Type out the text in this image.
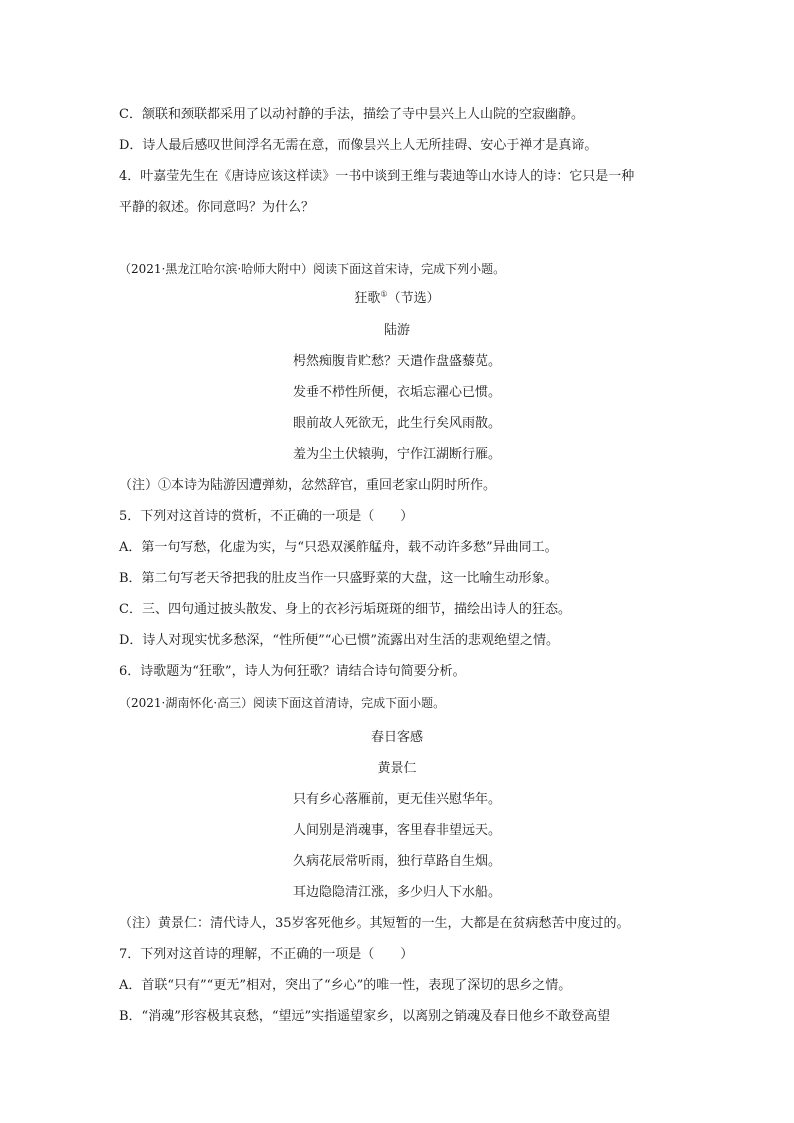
C．颔联和颈联都采用了以动衬静的手法，描绘了寺中昙兴上人山院的空寂幽静。
D．诗人最后感叹世间浮名无需在意，而像昙兴上人无所挂碍、安心于禅才是真谛。
4．叶嘉莹先生在《唐诗应该这样读》一书中谈到王维与裴迪等山水诗人的诗：它只是一种
平静的叙述。你同意吗？为什么？
（2021·黑龙江哈尔滨·哈师大附中）阅读下面这首宋诗，完成下列小题。
狂歌①（节选）
陆游
枵然痴腹肯贮愁？天遣作盘盛藜苋。
发垂不栉性所便，衣垢忘濯心已惯。
眼前故人死欲无，此生行矣风雨散。
羞为尘土伏辕驹，宁作江湖断行雁。
（注）①本诗为陆游因遭弹劾，忿然辞官，重回老家山阴时所作。
5．下列对这首诗的赏析，不正确的一项是（　　）
A．第一句写愁，化虚为实，与“只恐双溪舴艋舟，载不动许多愁”异曲同工。
B．第二句写老天爷把我的肚皮当作一只盛野菜的大盘，这一比喻生动形象。
C．三、四句通过披头散发、身上的衣衫污垢斑斑的细节，描绘出诗人的狂态。
D．诗人对现实忧多愁深，“性所便”“心已惯”流露出对生活的悲观绝望之情。
6．诗歌题为“狂歌”，诗人为何狂歌？请结合诗句简要分析。
（2021·湖南怀化·高三）阅读下面这首清诗，完成下面小题。
春日客感
黄景仁
只有乡心落雁前，更无佳兴慰华年。
人间别是消魂事，客里春非望远天。
久病花辰常听雨，独行草路自生烟。
耳边隐隐清江涨，多少归人下水船。
（注）黄景仁：清代诗人，35岁客死他乡。其短暂的一生，大都是在贫病愁苦中度过的。
7．下列对这首诗的理解，不正确的一项是（　　）
A．首联“只有”“更无”相对，突出了“乡心”的唯一性，表现了深切的思乡之情。
B．“消魂”形容极其哀愁，“望远”实指遥望家乡，以离别之销魂及春日他乡不敢登高望
